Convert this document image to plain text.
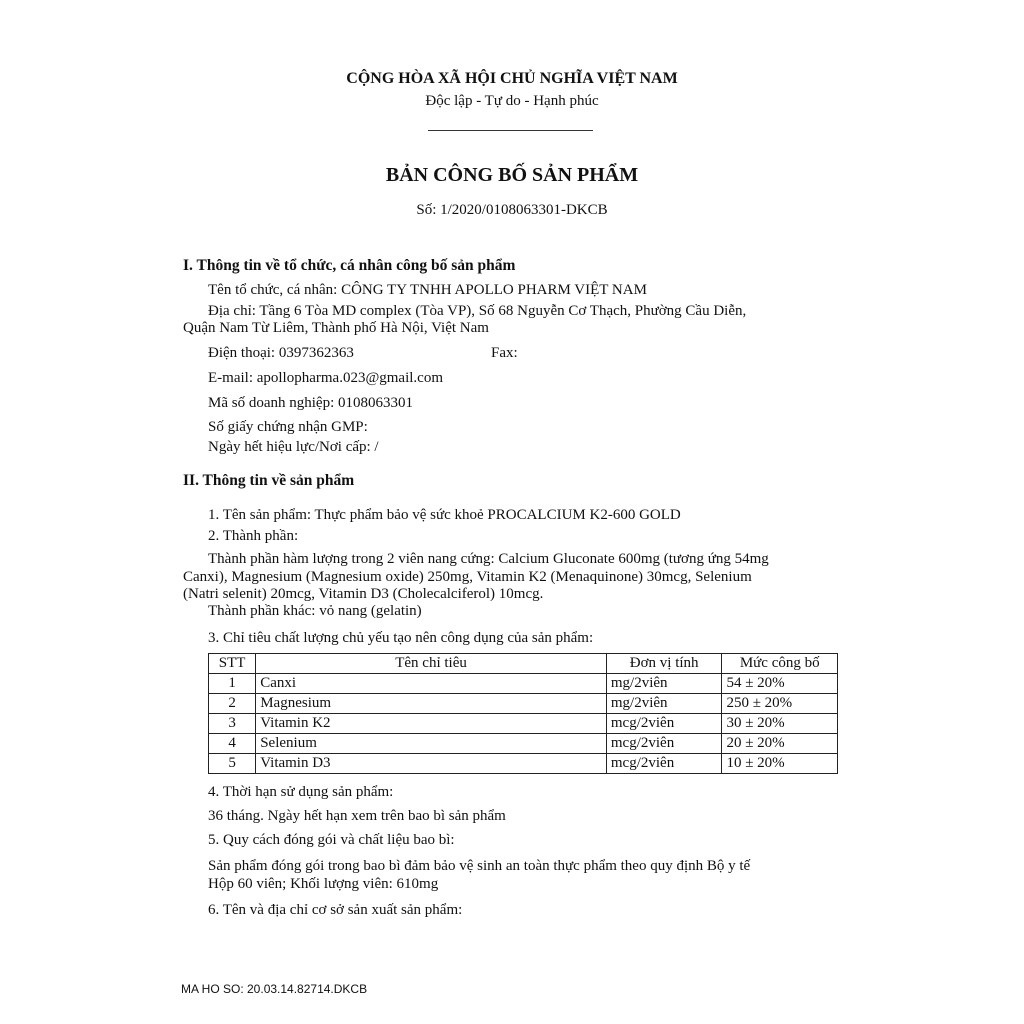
CỘNG HÒA XÃ HỘI CHỦ NGHĨA VIỆT NAM
Độc lập - Tự do - Hạnh phúc
BẢN CÔNG BỐ SẢN PHẨM
Số: 1/2020/0108063301-DKCB
I. Thông tin về tổ chức, cá nhân công bố sản phẩm
Tên tổ chức, cá nhân: CÔNG TY TNHH APOLLO PHARM VIỆT NAM
Địa chỉ: Tầng 6 Tòa MD complex (Tòa VP), Số 68 Nguyễn Cơ Thạch, Phường Cầu Diễn,
Quận Nam Từ Liêm, Thành phố Hà Nội, Việt Nam
Điện thoại: 0397362363	Fax:
E-mail: apollopharma.023@gmail.com
Mã số doanh nghiệp: 0108063301
Số giấy chứng nhận GMP:
Ngày hết hiệu lực/Nơi cấp: /
II. Thông tin về sản phẩm
1. Tên sản phẩm: Thực phẩm bảo vệ sức khoẻ PROCALCIUM K2-600 GOLD
2. Thành phần:
Thành phần hàm lượng trong 2 viên nang cứng: Calcium Gluconate 600mg (tương ứng 54mg
Canxi), Magnesium (Magnesium oxide) 250mg, Vitamin K2 (Menaquinone) 30mcg, Selenium
(Natri selenit) 20mcg, Vitamin D3 (Cholecalciferol) 10mcg.
Thành phần khác: vỏ nang (gelatin)
3. Chỉ tiêu chất lượng chủ yếu tạo nên công dụng của sản phẩm:
STT	Tên chỉ tiêu	Đơn vị tính	Mức công bố
1	Canxi	mg/2viên	54 ± 20%
2	Magnesium	mg/2viên	250 ± 20%
3	Vitamin K2	mcg/2viên	30 ± 20%
4	Selenium	mcg/2viên	20 ± 20%
5	Vitamin D3	mcg/2viên	10 ± 20%
4. Thời hạn sử dụng sản phẩm:
36 tháng. Ngày hết hạn xem trên bao bì sản phẩm
5. Quy cách đóng gói và chất liệu bao bì:
Sản phẩm đóng gói trong bao bì đảm bảo vệ sinh an toàn thực phẩm theo quy định Bộ y tế
Hộp 60 viên; Khối lượng viên: 610mg
6. Tên và địa chỉ cơ sở sản xuất sản phẩm:
MA HO SO: 20.03.14.82714.DKCB
